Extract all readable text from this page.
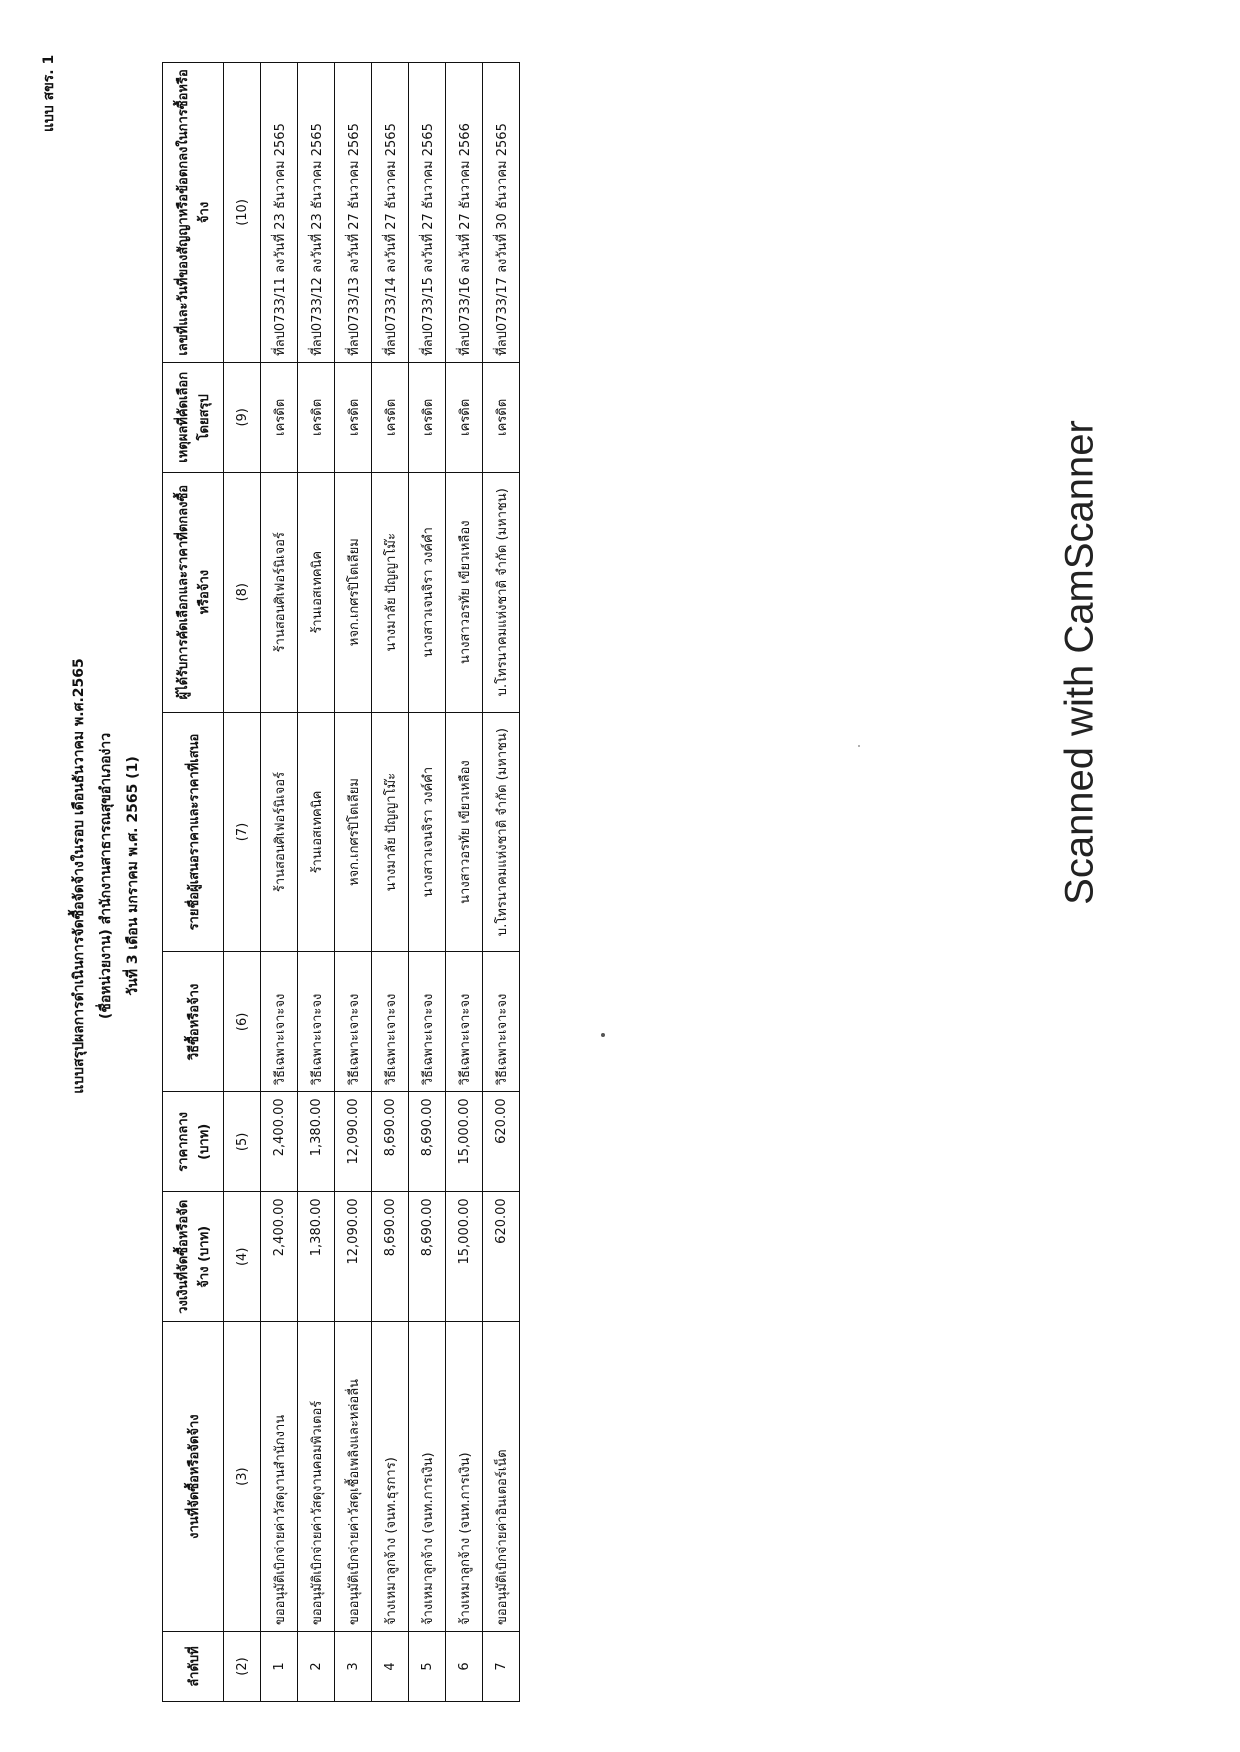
แบบ สขร. 1
แบบสรุปผลการดำเนินการจัดซื้อจัดจ้างในรอบ เดือนธันวาคม พ.ศ.2565 (ชื่อหน่วยงาน) สำนักงานสาธารณสุขอำเภอง่าว วันที่ 3 เดือน มกราคม พ.ศ. 2565 (1)
ลำดับที่	งานที่จัดซื้อหรือจัดจ้าง	วงเงินที่จัดซื้อหรือจัดจ้าง (บาท)	ราคากลาง (บาท)	วิธีซื้อหรือจ้าง	รายชื่อผู้เสนอราคาและราคาที่เสนอ	ผู้ได้รับการคัดเลือกและราคาที่ตกลงซื้อหรือจ้าง	เหตุผลที่คัดเลือกโดยสรุป	เลขที่และวันที่ของสัญญาหรือข้อตกลงในการซื้อหรือจ้าง
(2)	(3)	(4)	(5)	(6)	(7)	(8)	(9)	(10)
1	ขออนุมัติเบิกจ่ายค่าวัสดุงานสำนักงาน	2,400.00	2,400.00	วิธีเฉพาะเจาะจง	ร้านสอนศิเฟอร์นิเจอร์	ร้านสอนศิเฟอร์นิเจอร์	เครดิต	ที่ลป0733/11 ลงวันที่ 23 ธันวาคม 2565
2	ขออนุมัติเบิกจ่ายค่าวัสดุงานคอมพิวเตอร์	1,380.00	1,380.00	วิธีเฉพาะเจาะจง	ร้านเอสเทคนิค	ร้านเอสเทคนิค	เครดิต	ที่ลป0733/12 ลงวันที่ 23 ธันวาคม 2565
3	ขออนุมัติเบิกจ่ายค่าวัสดุเชื้อเพลิงและหล่อลื่น	12,090.00	12,090.00	วิธีเฉพาะเจาะจง	หจก.เกศรปิโตเลียม	หจก.เกศรปิโตเลียม	เครดิต	ที่ลป0733/13 ลงวันที่ 27 ธันวาคม 2565
4	จ้างเหมาลูกจ้าง (จนท.ธุรการ)	8,690.00	8,690.00	วิธีเฉพาะเจาะจง	นางมาลัย ปัญญาโม๊ะ	นางมาลัย ปัญญาโม๊ะ	เครดิต	ที่ลป0733/14 ลงวันที่ 27 ธันวาคม 2565
5	จ้างเหมาลูกจ้าง (จนท.การเงิน)	8,690.00	8,690.00	วิธีเฉพาะเจาะจง	นางสาวเจนจิรา วงค์คำ	นางสาวเจนจิรา วงค์คำ	เครดิต	ที่ลป0733/15 ลงวันที่ 27 ธันวาคม 2565
6	จ้างเหมาลูกจ้าง (จนท.การเงิน)	15,000.00	15,000.00	วิธีเฉพาะเจาะจง	นางสาวอรทัย เขียวเหลือง	นางสาวอรทัย เขียวเหลือง	เครดิต	ที่ลป0733/16 ลงวันที่ 27 ธันวาคม 2566
7	ขออนุมัติเบิกจ่ายค่าอินเตอร์เน็ต	620.00	620.00	วิธีเฉพาะเจาะจง	บ.โทรนาคมแห่งชาติ จำกัด (มหาชน)	บ.โทรนาคมแห่งชาติ จำกัด (มหาชน)	เครดิต	ที่ลป0733/17 ลงวันที่ 30 ธันวาคม 2565
Scanned with CamScanner
